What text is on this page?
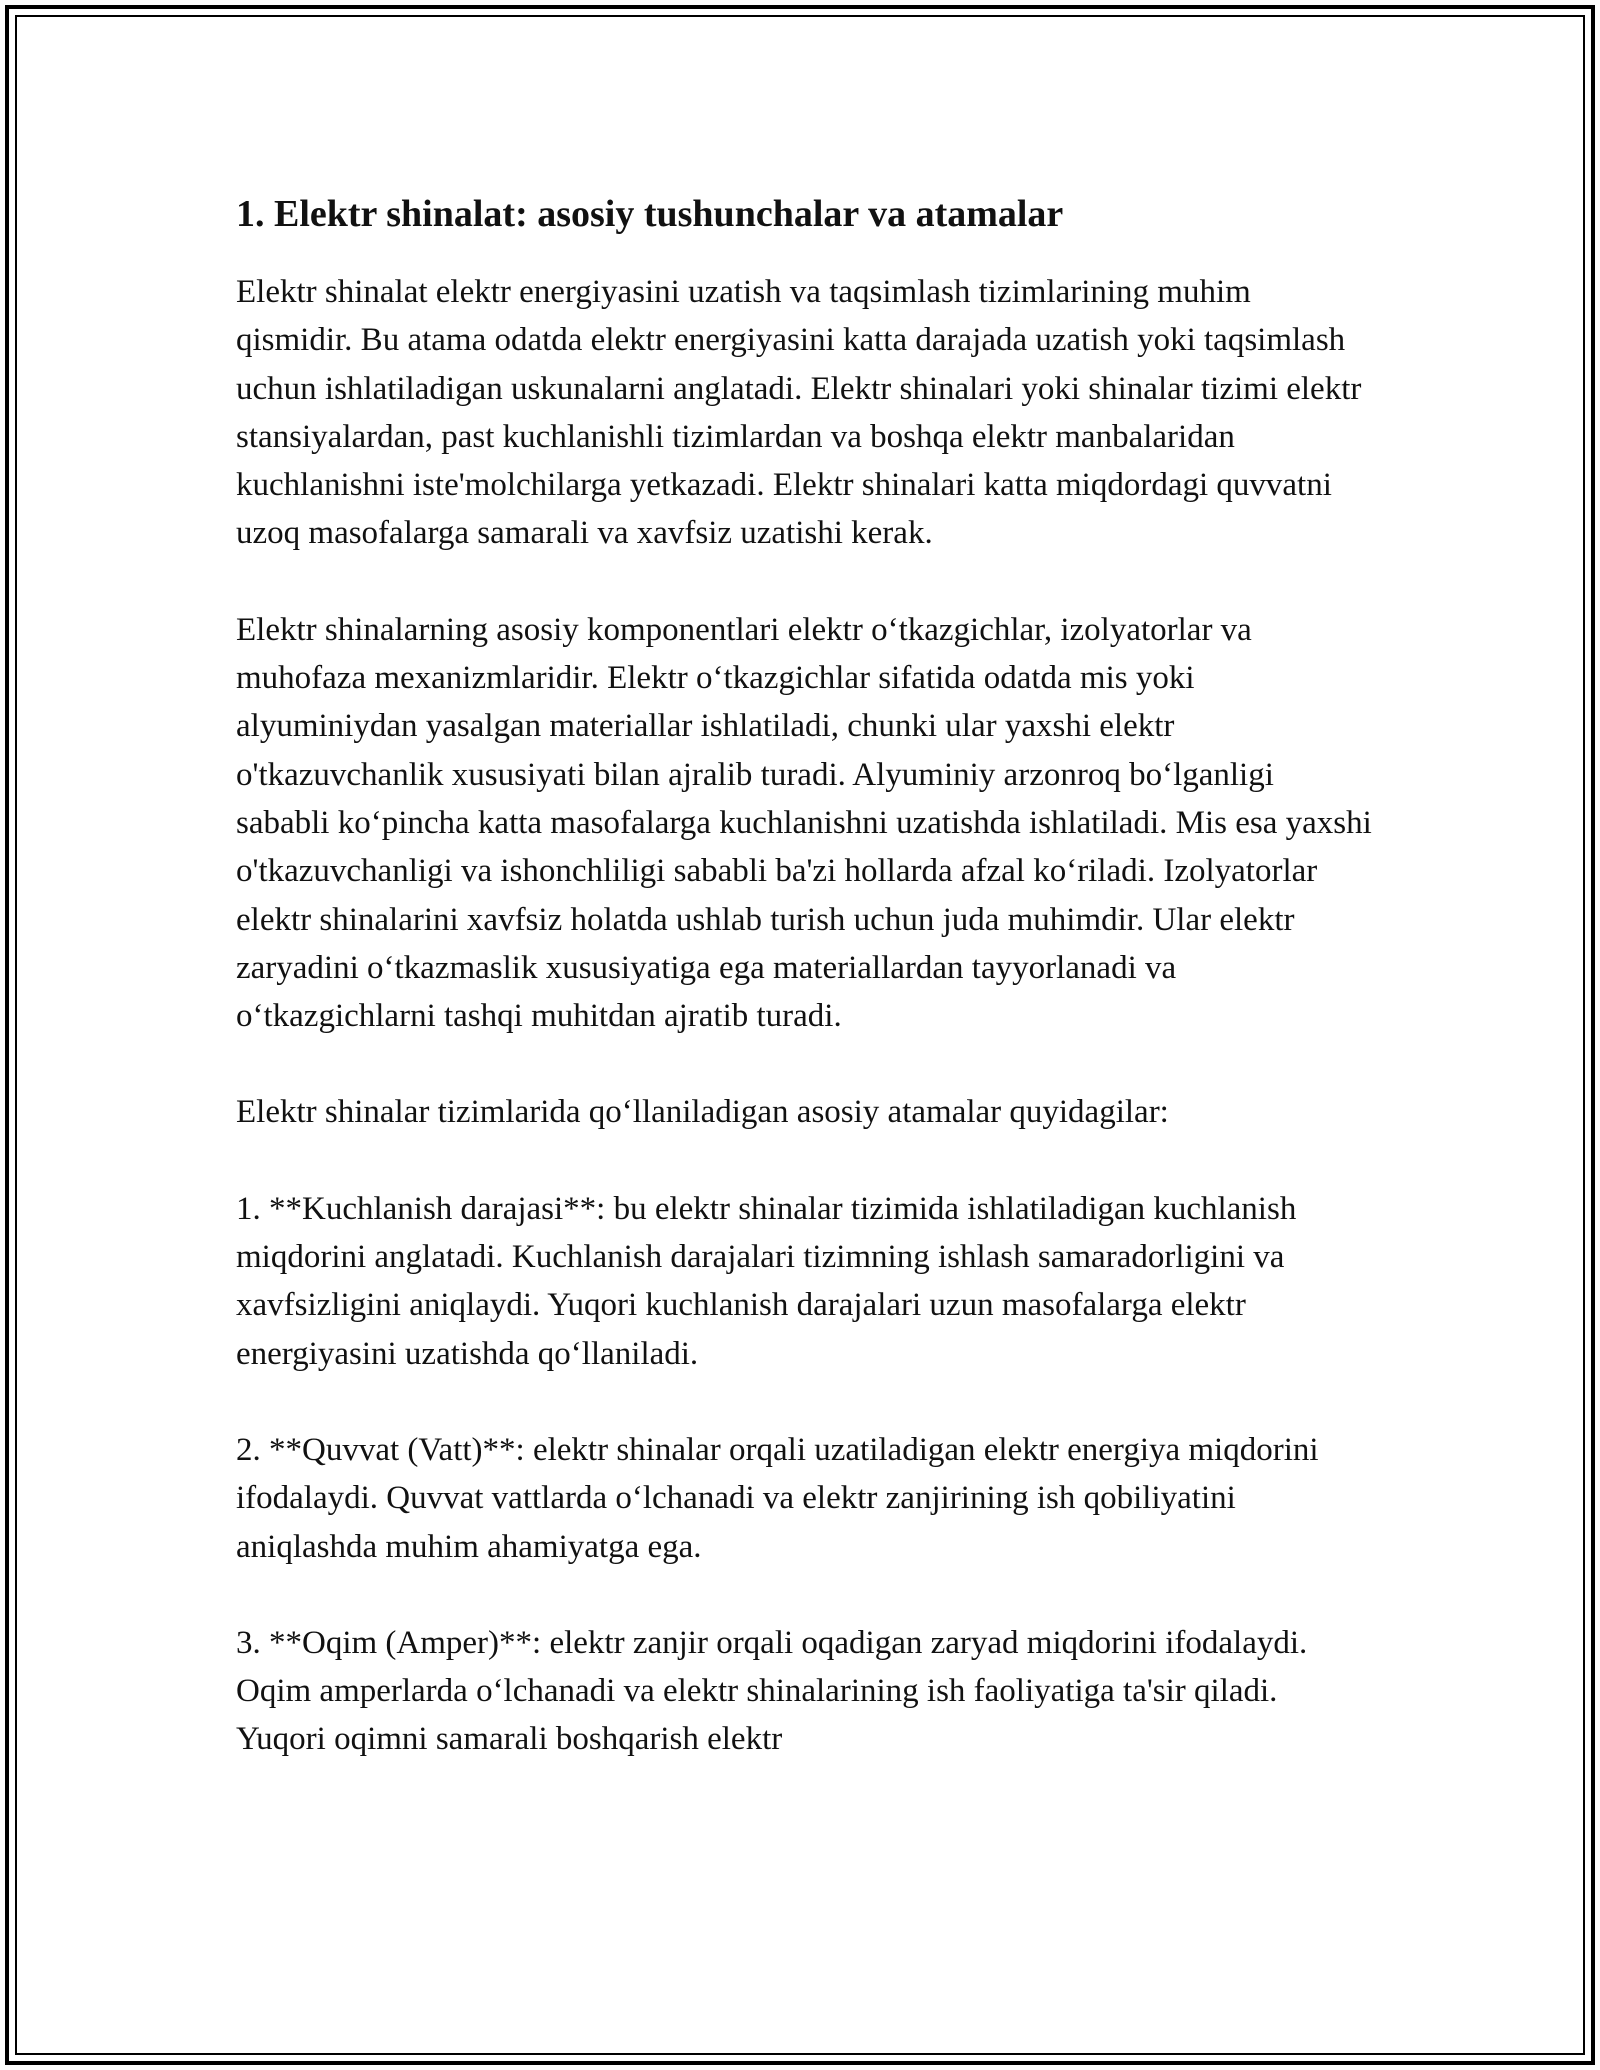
1. Elektr shinalat: asosiy tushunchalar va atamalar

Elektr shinalat elektr energiyasini uzatish va taqsimlash tizimlarining muhim qismidir. Bu atama odatda elektr energiyasini katta darajada uzatish yoki taqsimlash uchun ishlatiladigan uskunalarni anglatadi. Elektr shinalari yoki shinalar tizimi elektr stansiyalardan, past kuchlanishli tizimlardan va boshqa elektr manbalaridan kuchlanishni iste'molchilarga yetkazadi. Elektr shinalari katta miqdordagi quvvatni uzoq masofalarga samarali va xavfsiz uzatishi kerak.

Elektr shinalarning asosiy komponentlari elektr o‘tkazgichlar, izolyatorlar va muhofaza mexanizmlaridir. Elektr o‘tkazgichlar sifatida odatda mis yoki alyuminiydan yasalgan materiallar ishlatiladi, chunki ular yaxshi elektr o'tkazuvchanlik xususiyati bilan ajralib turadi. Alyuminiy arzonroq bo‘lganligi sababli ko‘pincha katta masofalarga kuchlanishni uzatishda ishlatiladi. Mis esa yaxshi o'tkazuvchanligi va ishonchliligi sababli ba'zi hollarda afzal ko‘riladi. Izolyatorlar elektr shinalarini xavfsiz holatda ushlab turish uchun juda muhimdir. Ular elektr zaryadini o‘tkazmaslik xususiyatiga ega materiallardan tayyorlanadi va o‘tkazgichlarni tashqi muhitdan ajratib turadi.

Elektr shinalar tizimlarida qo‘llaniladigan asosiy atamalar quyidagilar:

1. **Kuchlanish darajasi**: bu elektr shinalar tizimida ishlatiladigan kuchlanish miqdorini anglatadi. Kuchlanish darajalari tizimning ishlash samaradorligini va xavfsizligini aniqlaydi. Yuqori kuchlanish darajalari uzun masofalarga elektr energiyasini uzatishda qo‘llaniladi.

2. **Quvvat (Vatt)**: elektr shinalar orqali uzatiladigan elektr energiya miqdorini ifodalaydi. Quvvat vattlarda o‘lchanadi va elektr zanjirining ish qobiliyatini aniqlashda muhim ahamiyatga ega.

3. **Oqim (Amper)**: elektr zanjir orqali oqadigan zaryad miqdorini ifodalaydi. Oqim amperlarda o‘lchanadi va elektr shinalarining ish faoliyatiga ta'sir qiladi. Yuqori oqimni samarali boshqarish elektr
